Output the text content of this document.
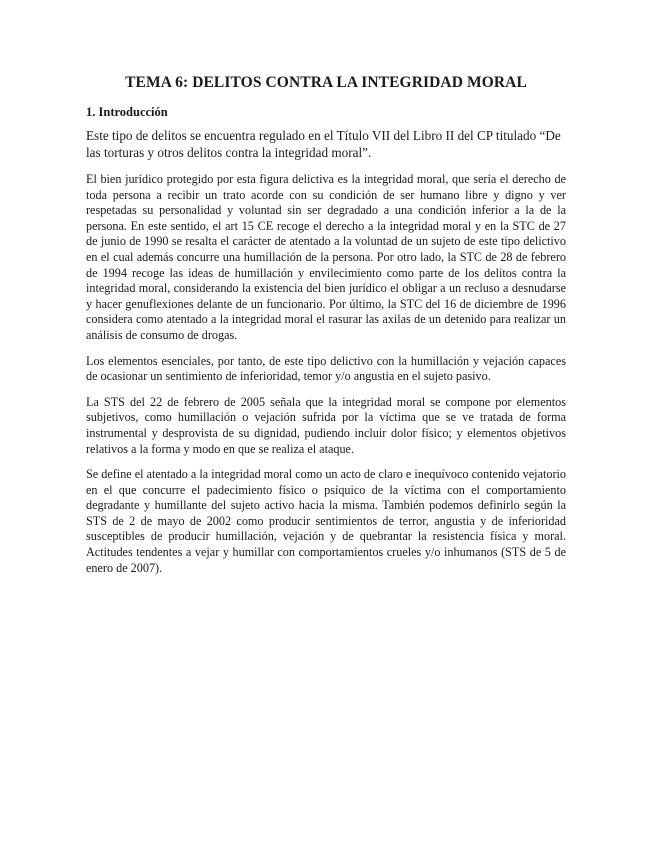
TEMA 6: DELITOS CONTRA LA INTEGRIDAD MORAL
1. Introducción

Este tipo de delitos se encuentra regulado en el Título VII del Libro II del CP titulado “De las torturas y otros delitos contra la integridad moral”.

El bien jurídico protegido por esta figura delictiva es la integridad moral, que sería el derecho de toda persona a recibir un trato acorde con su condición de ser humano libre y digno y ver respetadas su personalidad y voluntad sin ser degradado a una condición inferior a la de la persona. En este sentido, el art 15 CE recoge el derecho a la integridad moral y en la STC de 27 de junio de 1990 se resalta el carácter de atentado a la voluntad de un sujeto de este tipo delictivo en el cual además concurre una humillación de la persona. Por otro lado, la STC de 28 de febrero de 1994 recoge las ideas de humillación y envilecimiento como parte de los delitos contra la integridad moral, considerando la existencia del bien jurídico el obligar a un recluso a desnudarse y hacer genuflexiones delante de un funcionario. Por último, la STC del 16 de diciembre de 1996 considera como atentado a la integridad moral el rasurar las axilas de un detenido para realizar un análisis de consumo de drogas.

Los elementos esenciales, por tanto, de este tipo delictivo con la humillación y vejación capaces de ocasionar un sentimiento de inferioridad, temor y/o angustia en el sujeto pasivo.

La STS del 22 de febrero de 2005 señala que la integridad moral se compone por elementos subjetivos, como humillación o vejación sufrida por la víctima que se ve tratada de forma instrumental y desprovista de su dignidad, pudiendo incluir dolor físico; y elementos objetivos relativos a la forma y modo en que se realiza el ataque.

Se define el atentado a la integridad moral como un acto de claro e inequívoco contenido vejatorio en el que concurre el padecimiento físico o psíquico de la víctima con el comportamiento degradante y humillante del sujeto activo hacia la misma. También podemos definirlo según la STS de 2 de mayo de 2002 como producir sentimientos de terror, angustia y de inferioridad susceptibles de producir humillación, vejación y de quebrantar la resistencia física y moral. Actitudes tendentes a vejar y humillar con comportamientos crueles y/o inhumanos (STS de 5 de enero de 2007).
